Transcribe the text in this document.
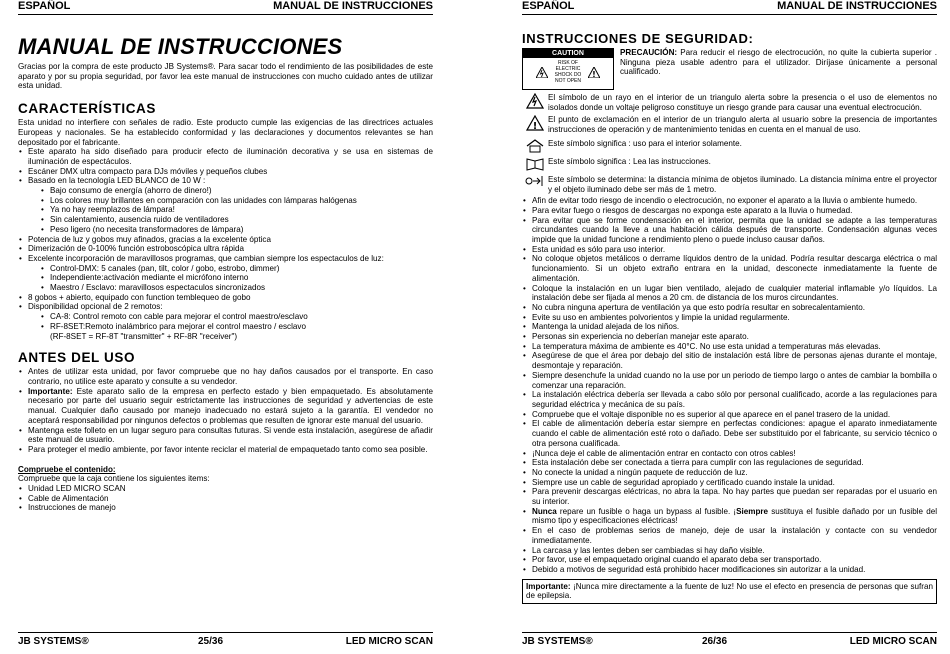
ESPAÑOL	MANUAL DE INSTRUCCIONES
MANUAL DE INSTRUCCIONES

Gracias por la compra de este producto JB Systems®. Para sacar todo el rendimiento de las posibilidades de este aparato y por su propia seguridad, por favor lea este manual de instrucciones con mucho cuidado antes de utilizar esta unidad.

CARACTERÍSTICAS

Esta unidad no interfiere con señales de radio. Este producto cumple las exigencias de las directrices actuales Europeas y nacionales. Se ha establecido conformidad y las declaraciones y documentos relevantes se han depositado por el fabricante.

• Este aparato ha sido diseñado para producir efecto de iluminación decorativa y se usa en sistemas de iluminación de espectáculos.
• Escáner DMX ultra compacto para DJs móviles y pequeños clubes
• Basado en la tecnología LED BLANCO de 10 W :
• Bajo consumo de energía (ahorro de dinero!)
• Los colores muy brillantes en comparación con las unidades con lámparas halógenas
• Ya no hay reemplazos de lámpara!
• Sin calentamiento, ausencia ruido de ventiladores
• Peso ligero (no necesita transformadores de lámpara)
• Potencia de luz y gobos muy afinados, gracias a la excelente óptica
• Dimerización de 0-100% función estroboscópica ultra rápida
• Excelente incorporación de maravillosos programas, que cambian siempre los espectaculos de luz:
• Control-DMX: 5 canales (pan, tilt, color / gobo, estrobo, dimmer)
• Independiente:activación mediante el micrófono interno
• Maestro / Esclavo: maravillosos espectaculos sincronizados
• 8 gobos + abierto, equipado con function temblequeo de gobo
• Disponibilidad opcional de 2 remotos:
• CA-8: Control remoto con cable para mejorar el control maestro/esclavo
• RF-8SET:Remoto inalámbrico para mejorar el control maestro / esclavo
(RF-8SET = RF-8T "transmitter" + RF-8R "receiver")
ANTES DEL USO
• Antes de utilizar esta unidad, por favor compruebe que no hay daños causados por el transporte. En caso contrario, no utilice este aparato y consulte a su vendedor.
• Importante: Este aparato salio de la empresa en perfecto estado y bien empaquetado. Es absolutamente necesario por parte del usuario seguir estrictamente las instrucciones de seguridad y advertencias de este manual. Cualquier daño causado por manejo inadecuado no estará sujeto a la garantía. El vendedor no aceptará responsabilidad por ningunos defectos o problemas que resulten de ignorar este manual del usuario.
• Mantenga este folleto en un lugar seguro para consultas futuras. Si vende esta instalación, asegúrese de añadir este manual de usuario.
• Para proteger el medio ambiente, por favor intente reciclar el material de empaquetado tanto como sea posible.
Compruebe el contenido:

Compruebe que la caja contiene los siguientes items:

• Unidad LED MICRO SCAN
• Cable de Alimentación
• Instrucciones de manejo
JB SYSTEMS®	25/36	LED MICRO SCAN
ESPAÑOL	MANUAL DE INSTRUCCIONES
INSTRUCCIONES DE SEGURIDAD:
CAUTION
RISK OF ELECTRIC SHOCK DO NOT OPEN
!
PRECAUCIÓN: Para reducir el riesgo de electrocución, no quite la cubierta superior . Ninguna pieza usable adentro para el utilizador. Diríjase únicamente a personal cualificado.
El símbolo de un rayo en el interior de un triangulo alerta sobre la presencia o el uso de elementos no isolados donde un voltaje peligroso constituye un riesgo grande para causar una eventual electrocución.
!
El punto de exclamación en el interior de un triangulo alerta al usuario sobre la presencia de importantes instrucciones de operación y de mantenimiento tenidas en cuenta en el manual de uso.
Este símbolo significa : uso para el interior solamente.
Este símbolo significa : Lea las instrucciones.
Este símbolo se determina: la distancia mínima de objetos iluminado. La distancia mínima entre el proyector y el objeto iluminado debe ser más de 1 metro.
• Afin de evitar todo riesgo de incendio o electrocución, no exponer el aparato a la lluvia o ambiente humedo.
• Para evitar fuego o riesgos de descargas no exponga este aparato a la lluvia o humedad.
• Para evitar que se forme condensación en el interior, permita que la unidad se adapte a las temperaturas circundantes cuando la lleve a una habitación cálida después de transporte. Condensación algunas veces impide que la unidad funcione a rendimiento pleno o puede incluso causar daños.
• Esta unidad es sólo para uso interior.
• No coloque objetos metálicos o derrame líquidos dentro de la unidad. Podría resultar descarga eléctrica o mal funcionamiento. Si un objeto extraño entrara en la unidad, desconecte inmediatamente la fuente de alimentación.
• Coloque la instalación en un lugar bien ventilado, alejado de cualquier material inflamable y/o líquidos. La instalación debe ser fijada al menos a 20 cm. de distancia de los muros circundantes.
• No cubra ninguna apertura de ventilación ya que esto podría resultar en sobrecalentamiento.
• Evite su uso en ambientes polvorientos y limpie la unidad regularmente.
• Mantenga la unidad alejada de los niños.
• Personas sin experiencia no deberían manejar este aparato.
• La temperatura máxima de ambiente es 40°C. No use esta unidad a temperaturas más elevadas.
• Asegúrese de que el área por debajo del sitio de instalación está libre de personas ajenas durante el montaje, desmontaje y reparación.
• Siempre desenchufe la unidad cuando no la use por un periodo de tiempo largo o antes de cambiar la bombilla o comenzar una reparación.
• La instalación eléctrica debería ser llevada a cabo sólo por personal cualificado, acorde a las regulaciones para seguridad eléctrica y mecánica de su país.
• Compruebe que el voltaje disponible no es superior al que aparece en el panel trasero de la unidad.
• El cable de alimentación debería estar siempre en perfectas condiciones: apague el aparato inmediatamente cuando el cable de alimentación esté roto o dañado. Debe ser substituido por el fabricante, su servicio técnico o otra persona cualificada.
• ¡Nunca deje el cable de alimentación entrar en contacto con otros cables!
• Esta instalación debe ser conectada a tierra para cumplir con las regulaciones de seguridad.
• No conecte la unidad a ningún paquete de reducción de luz.
• Siempre use un cable de seguridad apropiado y certificado cuando instale la unidad.
• Para prevenir descargas eléctricas, no abra la tapa. No hay partes que puedan ser reparadas por el usuario en su interior.
• Nunca repare un fusible o haga un bypass al fusible. ¡Siempre sustituya el fusible dañado por un fusible del mismo tipo y especificaciones eléctricas!
• En el caso de problemas serios de manejo, deje de usar la instalación y contacte con su vendedor inmediatamente.
• La carcasa y las lentes deben ser cambiadas si hay daño visible.
• Por favor, use el empaquetado original cuando el aparato deba ser transportado.
• Debido a motivos de seguridad está prohibido hacer modificaciones sin autorizar a la unidad.
Importante: ¡Nunca mire directamente a la fuente de luz! No use el efecto en presencia de personas que sufran de epilepsia.
JB SYSTEMS®	26/36	LED MICRO SCAN
